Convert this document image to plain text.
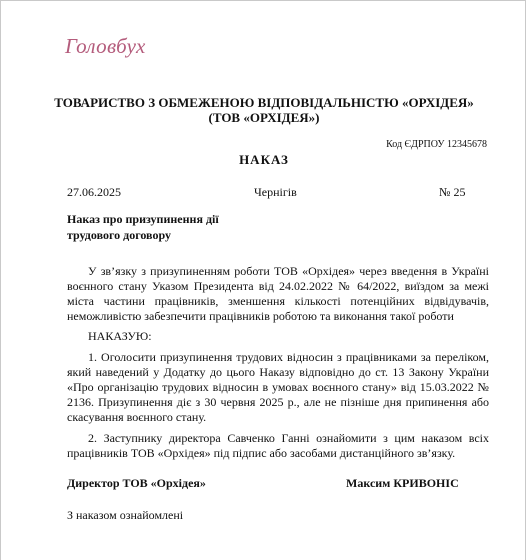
Головбух
ТОВАРИСТВО З ОБМЕЖЕНОЮ ВІДПОВІДАЛЬНІСТЮ «ОРХІДЕЯ»
(ТОВ «ОРХІДЕЯ»)
Код ЄДРПОУ 12345678
НАКАЗ
27.06.2025	Чернігів	№ 25
Наказ про призупинення дії
трудового договору

У зв’язку з призупиненням роботи ТОВ «Орхідея» через введення в Україні воєнного стану Указом Президента від 24.02.2022 № 64/2022, виїздом за межі міста частини працівників, зменшення кількості потенційних відвідувачів, неможливістю забезпечити працівників роботою та виконання такої роботи

НАКАЗУЮ:

1. Оголосити призупинення трудових відносин з працівниками за переліком, який наведений у Додатку до цього Наказу відповідно до ст. 13 Закону України «Про організацію трудових відносин в умовах воєнного стану» від 15.03.2022 № 2136. Призупинення діє з 30 червня 2025 р., але не пізніше дня припинення або скасування воєнного стану.

2. Заступнику директора Савченко Ганні ознайомити з цим наказом всіх працівників ТОВ «Орхідея» під підпис або засобами дистанційного зв’язку.

Директор ТОВ «Орхідея»	Максим КРИВОНІС
З наказом ознайомлені
